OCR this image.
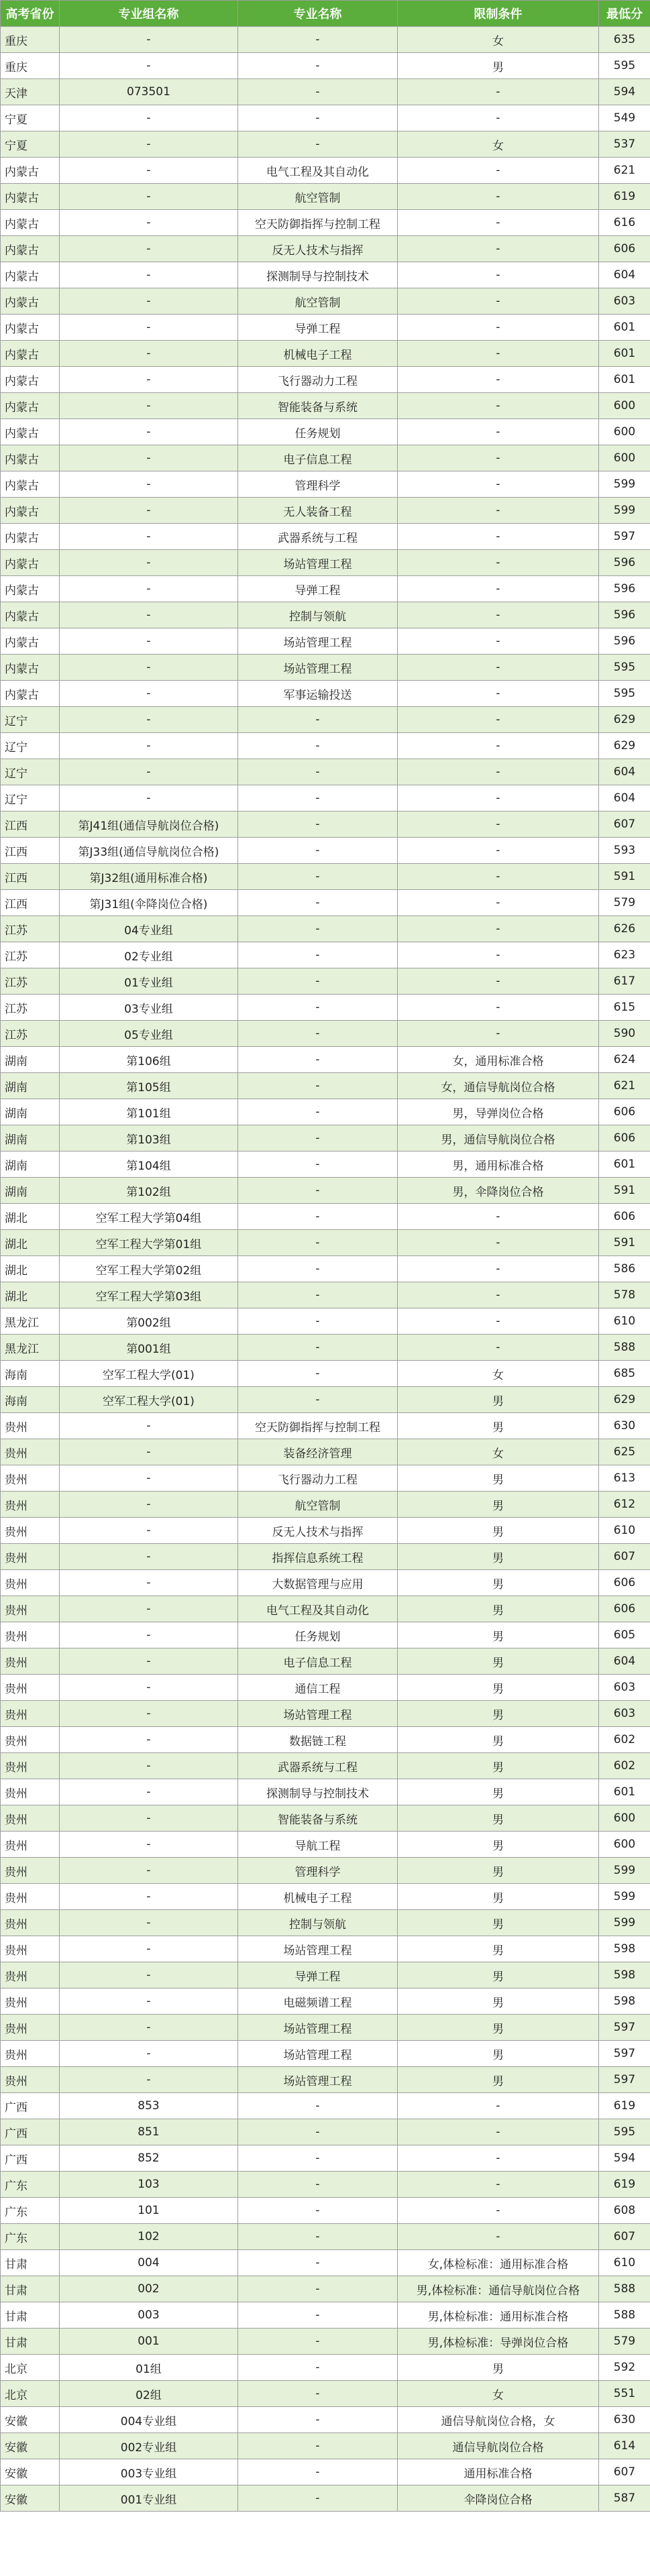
高考省份	专业组名称	专业名称	限制条件	最低分
重庆	-	-	女	635
重庆	-	-	男	595
天津	073501	-	-	594
宁夏	-	-	-	549
宁夏	-	-	女	537
内蒙古	-	电气工程及其自动化	-	621
内蒙古	-	航空管制	-	619
内蒙古	-	空天防御指挥与控制工程	-	616
内蒙古	-	反无人技术与指挥	-	606
内蒙古	-	探测制导与控制技术	-	604
内蒙古	-	航空管制	-	603
内蒙古	-	导弹工程	-	601
内蒙古	-	机械电子工程	-	601
内蒙古	-	飞行器动力工程	-	601
内蒙古	-	智能装备与系统	-	600
内蒙古	-	任务规划	-	600
内蒙古	-	电子信息工程	-	600
内蒙古	-	管理科学	-	599
内蒙古	-	无人装备工程	-	599
内蒙古	-	武器系统与工程	-	597
内蒙古	-	场站管理工程	-	596
内蒙古	-	导弹工程	-	596
内蒙古	-	控制与领航	-	596
内蒙古	-	场站管理工程	-	596
内蒙古	-	场站管理工程	-	595
内蒙古	-	军事运输投送	-	595
辽宁	-	-	-	629
辽宁	-	-	-	629
辽宁	-	-	-	604
辽宁	-	-	-	604
江西	第J41组(通信导航岗位合格)	-	-	607
江西	第J33组(通信导航岗位合格)	-	-	593
江西	第J32组(通用标准合格)	-	-	591
江西	第J31组(伞降岗位合格)	-	-	579
江苏	04专业组	-	-	626
江苏	02专业组	-	-	623
江苏	01专业组	-	-	617
江苏	03专业组	-	-	615
江苏	05专业组	-	-	590
湖南	第106组	-	女，通用标准合格	624
湖南	第105组	-	女，通信导航岗位合格	621
湖南	第101组	-	男，导弹岗位合格	606
湖南	第103组	-	男，通信导航岗位合格	606
湖南	第104组	-	男，通用标准合格	601
湖南	第102组	-	男，伞降岗位合格	591
湖北	空军工程大学第04组	-	-	606
湖北	空军工程大学第01组	-	-	591
湖北	空军工程大学第02组	-	-	586
湖北	空军工程大学第03组	-	-	578
黑龙江	第002组	-	-	610
黑龙江	第001组	-	-	588
海南	空军工程大学(01)	-	女	685
海南	空军工程大学(01)	-	男	629
贵州	-	空天防御指挥与控制工程	男	630
贵州	-	装备经济管理	女	625
贵州	-	飞行器动力工程	男	613
贵州	-	航空管制	男	612
贵州	-	反无人技术与指挥	男	610
贵州	-	指挥信息系统工程	男	607
贵州	-	大数据管理与应用	男	606
贵州	-	电气工程及其自动化	男	606
贵州	-	任务规划	男	605
贵州	-	电子信息工程	男	604
贵州	-	通信工程	男	603
贵州	-	场站管理工程	男	603
贵州	-	数据链工程	男	602
贵州	-	武器系统与工程	男	602
贵州	-	探测制导与控制技术	男	601
贵州	-	智能装备与系统	男	600
贵州	-	导航工程	男	600
贵州	-	管理科学	男	599
贵州	-	机械电子工程	男	599
贵州	-	控制与领航	男	599
贵州	-	场站管理工程	男	598
贵州	-	导弹工程	男	598
贵州	-	电磁频谱工程	男	598
贵州	-	场站管理工程	男	597
贵州	-	场站管理工程	男	597
贵州	-	场站管理工程	男	597
广西	853	-	-	619
广西	851	-	-	595
广西	852	-	-	594
广东	103	-	-	619
广东	101	-	-	608
广东	102	-	-	607
甘肃	004	-	女,体检标准：通用标准合格	610
甘肃	002	-	男,体检标准：通信导航岗位合格	588
甘肃	003	-	男,体检标准：通用标准合格	588
甘肃	001	-	男,体检标准：导弹岗位合格	579
北京	01组	-	男	592
北京	02组	-	女	551
安徽	004专业组	-	通信导航岗位合格，女	630
安徽	002专业组	-	通信导航岗位合格	614
安徽	003专业组	-	通用标准合格	607
安徽	001专业组	-	伞降岗位合格	587
